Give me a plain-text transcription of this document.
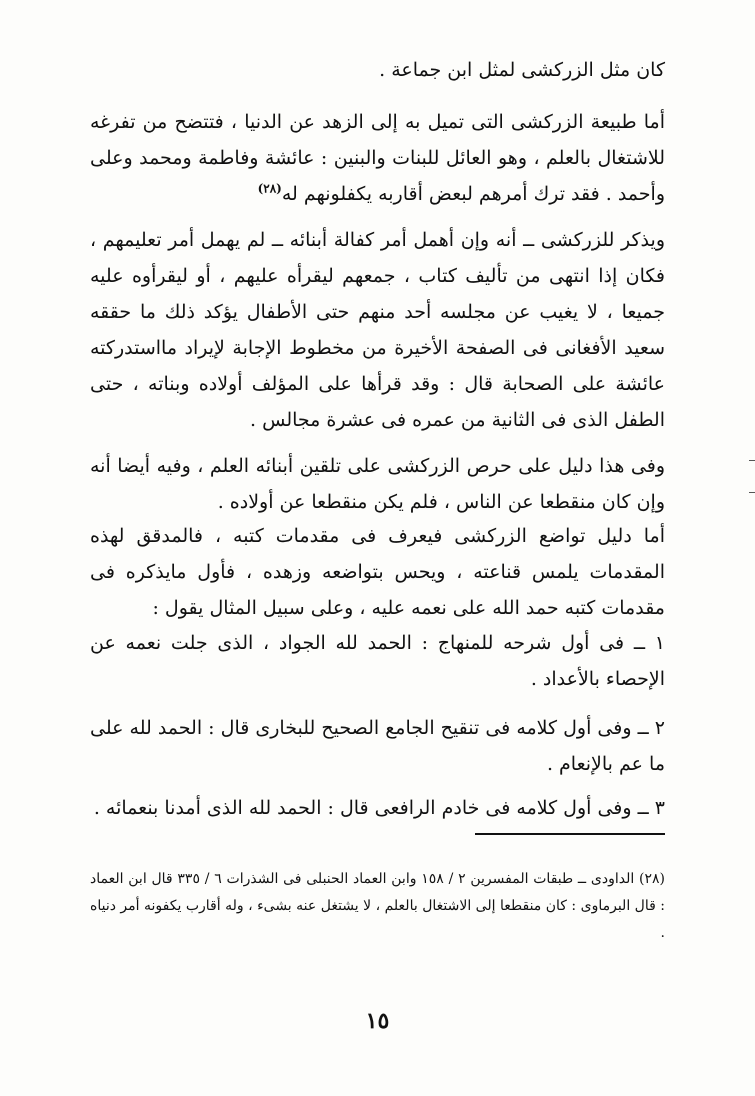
كان مثل الزركشى لمثل ابن جماعة .

أما طبيعة الزركشى التى تميل به إلى الزهد عن الدنيا ، فتتضح من تفرغه للاشتغال بالعلم ، وهو العائل للبنات والبنين : عائشة وفاطمة ومحمد وعلى وأحمد . فقد ترك أمرهم لبعض أقاربه يكفلونهم له$^{(٢٨)}$

ويذكر للزركشى ــ أنه وإن أهمل أمر كفالة أبنائه ــ لم يهمل أمر تعليمهم ، فكان إذا انتهى من تأليف كتاب ، جمعهم ليقرأه عليهم ، أو ليقرأوه عليه جميعا ، لا يغيب عن مجلسه أحد منهم حتى الأطفال يؤكد ذلك ما حققه سعيد الأفغانى فى الصفحة الأخيرة من مخطوط الإجابة لإيراد مااستدركته عائشة على الصحابة قال : وقد قرأها على المؤلف أولاده وبناته ، حتى الطفل الذى فى الثانية من عمره فى عشرة مجالس .

وفى هذا دليل على حرص الزركشى على تلقين أبنائه العلم ، وفيه أيضا أنه وإن كان منقطعا عن الناس ، فلم يكن منقطعا عن أولاده .

أما دليل تواضع الزركشى فيعرف فى مقدمات كتبه ، فالمدقق لهذه المقدمات يلمس قناعته ، ويحس بتواضعه وزهده ، فأول مايذكره فى مقدمات كتبه حمد الله على نعمه عليه ، وعلى سبيل المثال يقول :

١ ــ فى أول شرحه للمنهاج : الحمد لله الجواد ، الذى جلت نعمه عن الإحصاء بالأعداد .

٢ ــ وفى أول كلامه فى تنقيح الجامع الصحيح للبخارى قال : الحمد لله على ما عم بالإنعام .

٣ ــ وفى أول كلامه فى خادم الرافعى قال : الحمد لله الذى أمدنا بنعمائه .

(٢٨) الداودى ــ طبقات المفسرين ٢ / ١٥٨ وابن العماد الحنبلى فى الشذرات ٦ / ٣٣٥ قال ابن العماد : قال البرماوى : كان منقطعا إلى الاشتغال بالعلم ، لا يشتغل عنه بشىء ، وله أقارب يكفونه أمر دنياه .

١٥
